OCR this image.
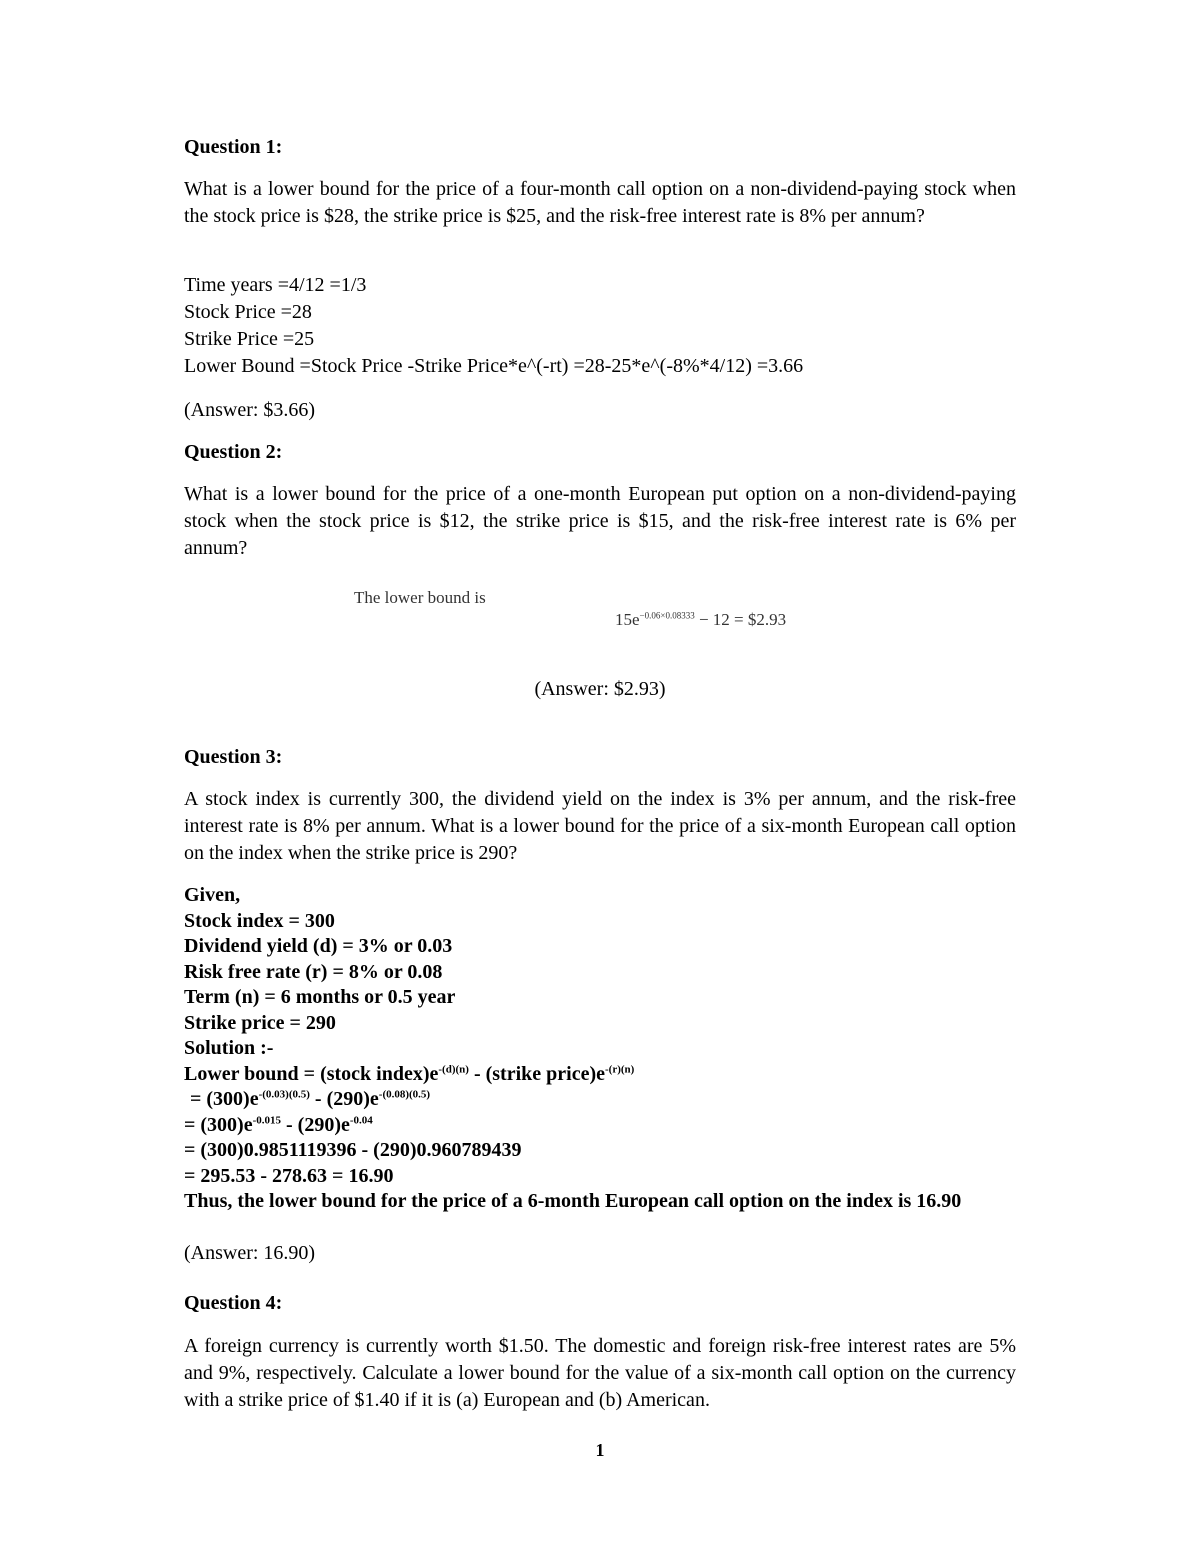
Question 1:

What is a lower bound for the price of a four-month call option on a non-dividend-paying stock when the stock price is $28, the strike price is $25, and the risk-free interest rate is 8% per annum?

Time years =4/12 =1/3
Stock Price =28
Strike Price =25
Lower Bound =Stock Price -Strike Price*e^(-rt) =28-25*e^(-8%*4/12) =3.66

(Answer: $3.66)

Question 2:

What is a lower bound for the price of a one-month European put option on a non-dividend-paying stock when the stock price is $12, the strike price is $15, and the risk-free interest rate is 6% per annum?

The lower bound is
$15e^{-0.06\times 0.08333} - 12$ = $2.93
(Answer: $2.93)

Question 3:

A stock index is currently 300, the dividend yield on the index is 3% per annum, and the risk-free interest rate is 8% per annum. What is a lower bound for the price of a six-month European call option on the index when the strike price is 290?

Given,
Stock index = 300
Dividend yield (d) = 3% or 0.03
Risk free rate (r) = 8% or 0.08
Term (n) = 6 months or 0.5 year
Strike price = 290
Solution :-
Lower bound = (stock $index)e^{-(d)(n)}$ - (strike $price)e^{-(r)(n)}$
= $(300)e^{-(0.03)(0.5)} - (290)e^{-(0.08)(0.5)}$
= $(300)e^{-0.015} - (290)e^{-0.04}$
= (300)0.9851119396 - (290)0.960789439
= 295.53 - 278.63 = 16.90
Thus, the lower bound for the price of a 6-month European call option on the index is 16.90

(Answer: 16.90)

Question 4:

A foreign currency is currently worth $1.50. The domestic and foreign risk-free interest rates are 5% and 9%, respectively. Calculate a lower bound for the value of a six-month call option on the currency with a strike price of $1.40 if it is (a) European and (b) American.

1
